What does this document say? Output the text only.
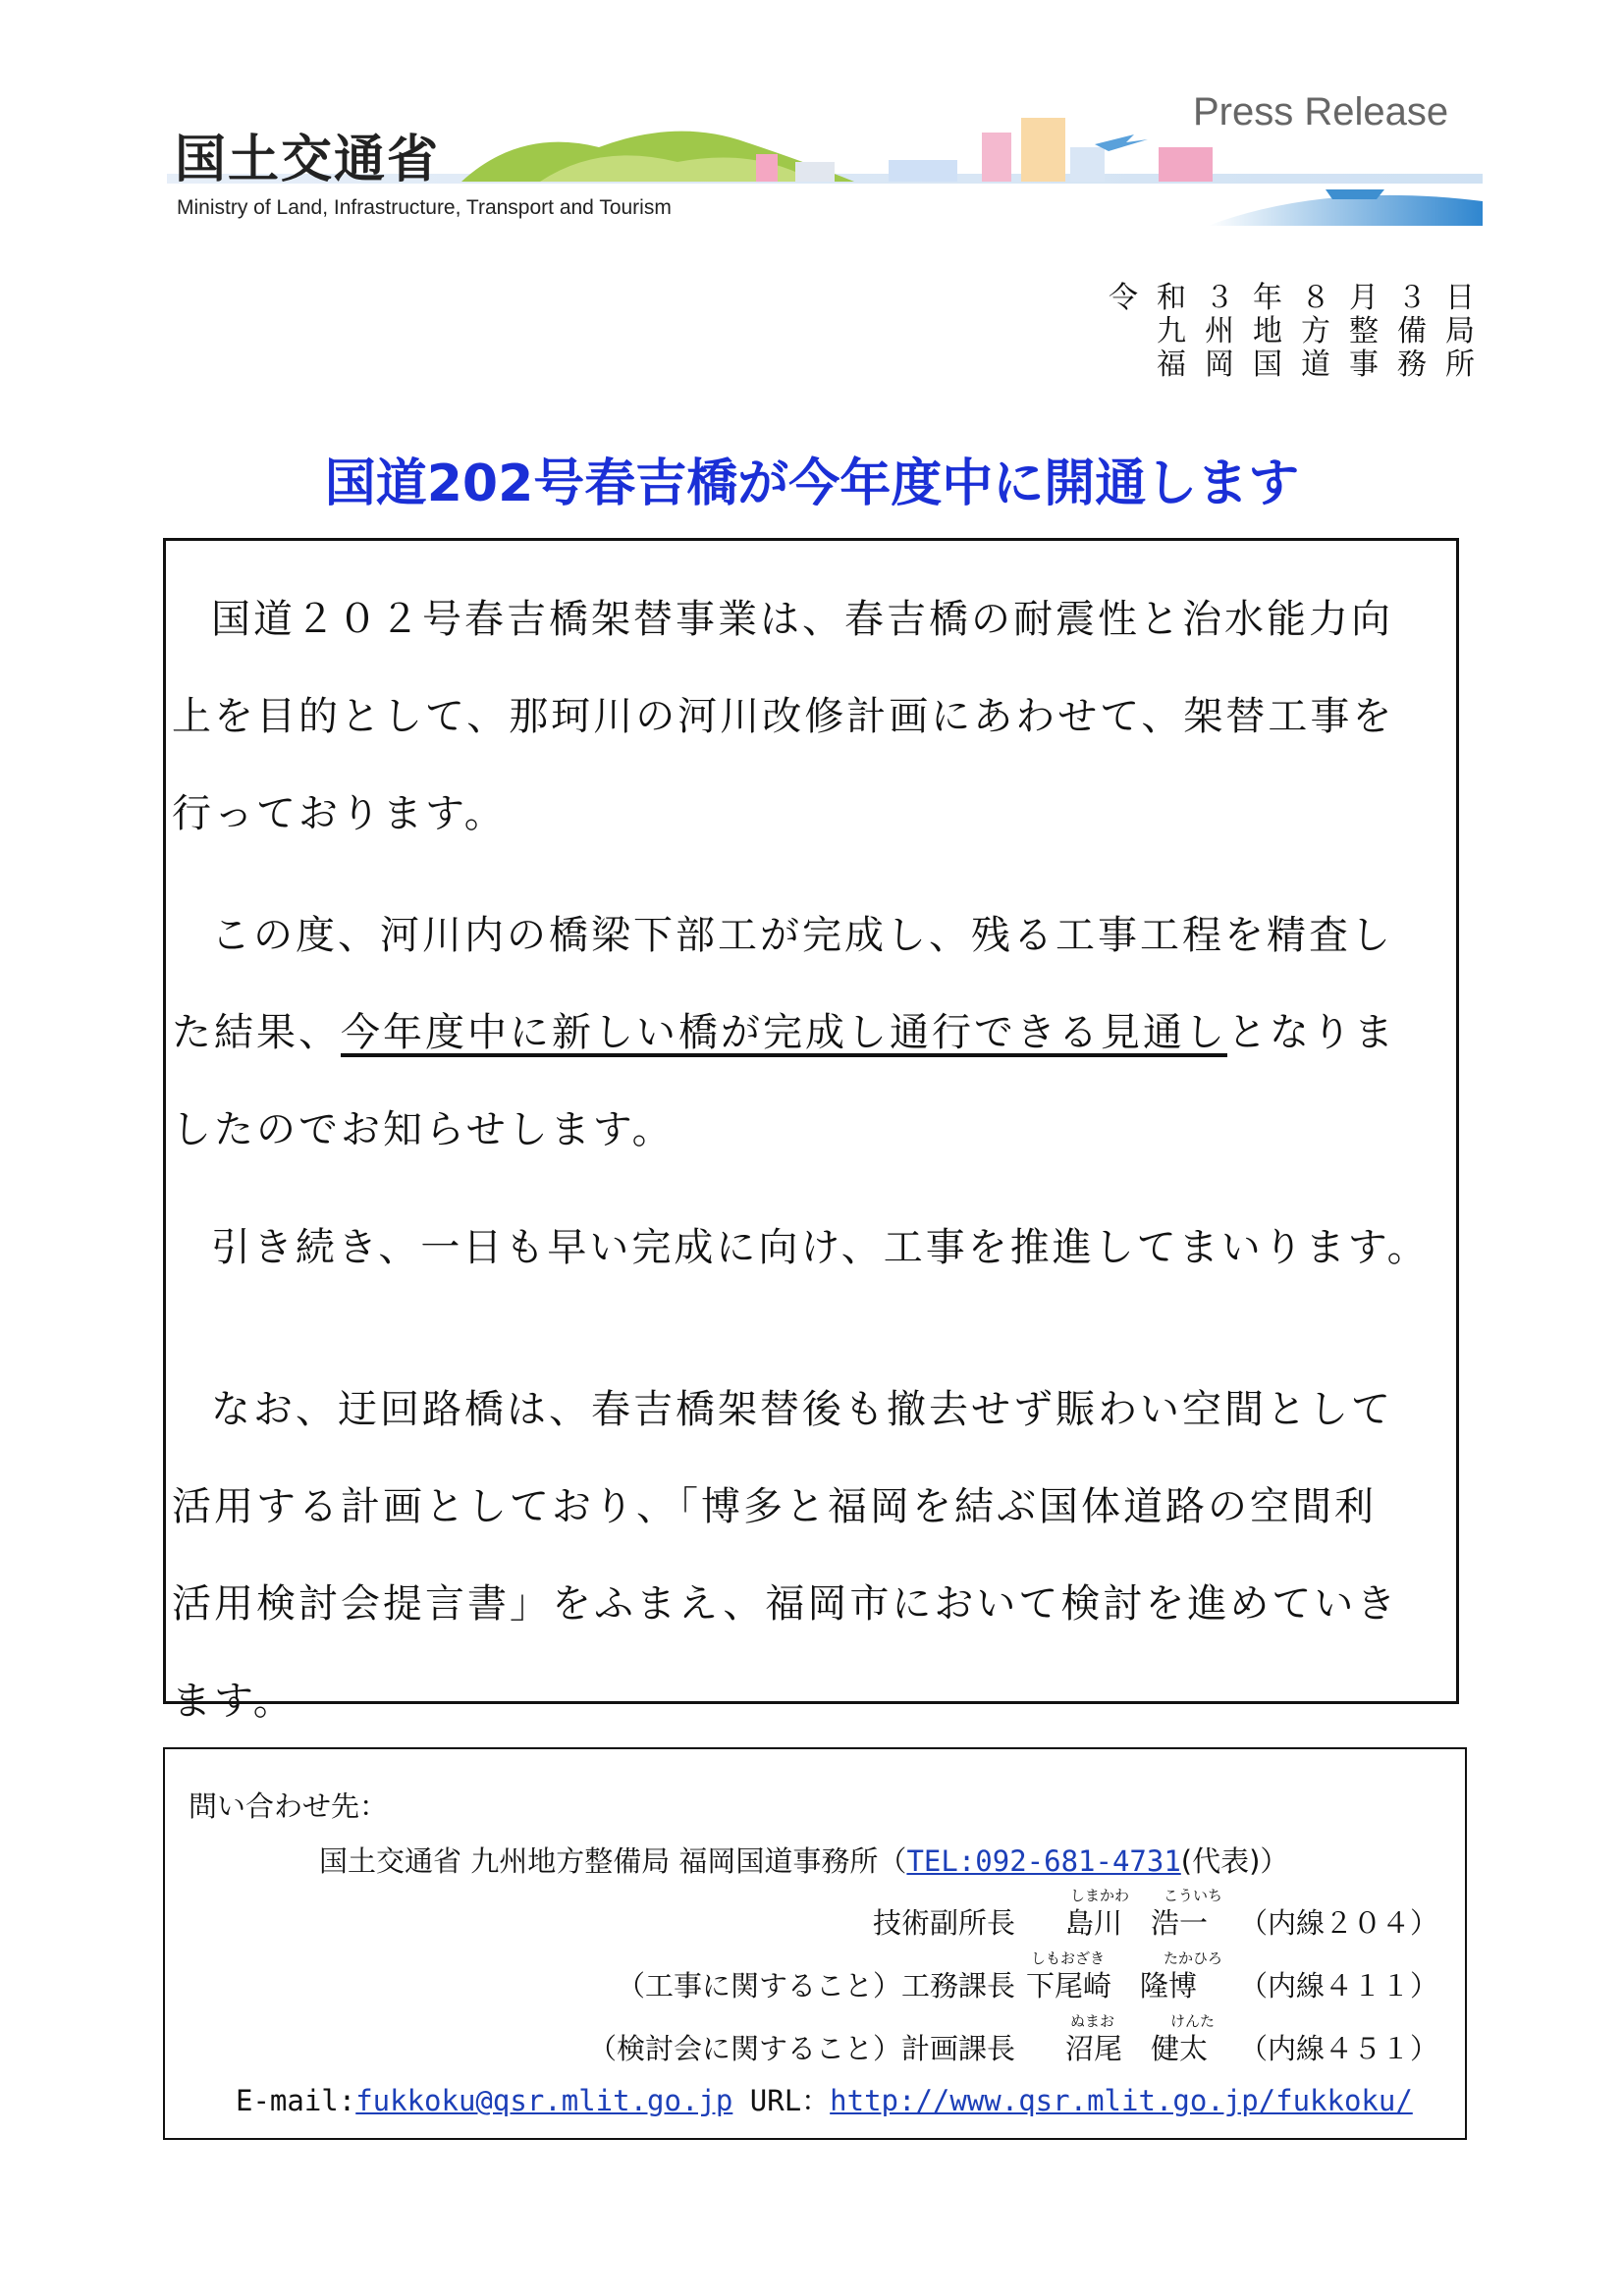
国土交通省
Ministry of Land, Infrastructure, Transport and Tourism
Press Release
令和３年８月３日
九州地方整備局
福岡国道事務所
国道202号春吉橋が今年度中に開通します
国道２０２号春吉橋架替事業は、春吉橋の耐震性と治水能力向
上を目的として、那珂川の河川改修計画にあわせて、架替工事を
行っております。
この度、河川内の橋梁下部工が完成し、残る工事工程を精査し
た結果、今年度中に新しい橋が完成し通行できる見通しとなりま
したのでお知らせします。
引き続き、一日も早い完成に向け、工事を推進してまいります。
なお、迂回路橋は、春吉橋架替後も撤去せず賑わい空間として
活用する計画としており、「博多と福岡を結ぶ国体道路の空間利
活用検討会提言書」をふまえ、福岡市において検討を進めていき
ます。
問い合わせ先：
国土交通省 九州地方整備局 福岡国道事務所（TEL:092-681-4731(代表)）
しまかわ こういち
技術副所長 島川　浩一 （内線２０４）
しもおざき	たかひろ
（工事に関すること）工務課長 下尾崎　隆博 （内線４１１）
ぬまお	けんた
（検討会に関すること）計画課長 沼尾　健太 （内線４５１）
E-mail:fukkoku@qsr.mlit.go.jp URL：http://www.qsr.mlit.go.jp/fukkoku/
